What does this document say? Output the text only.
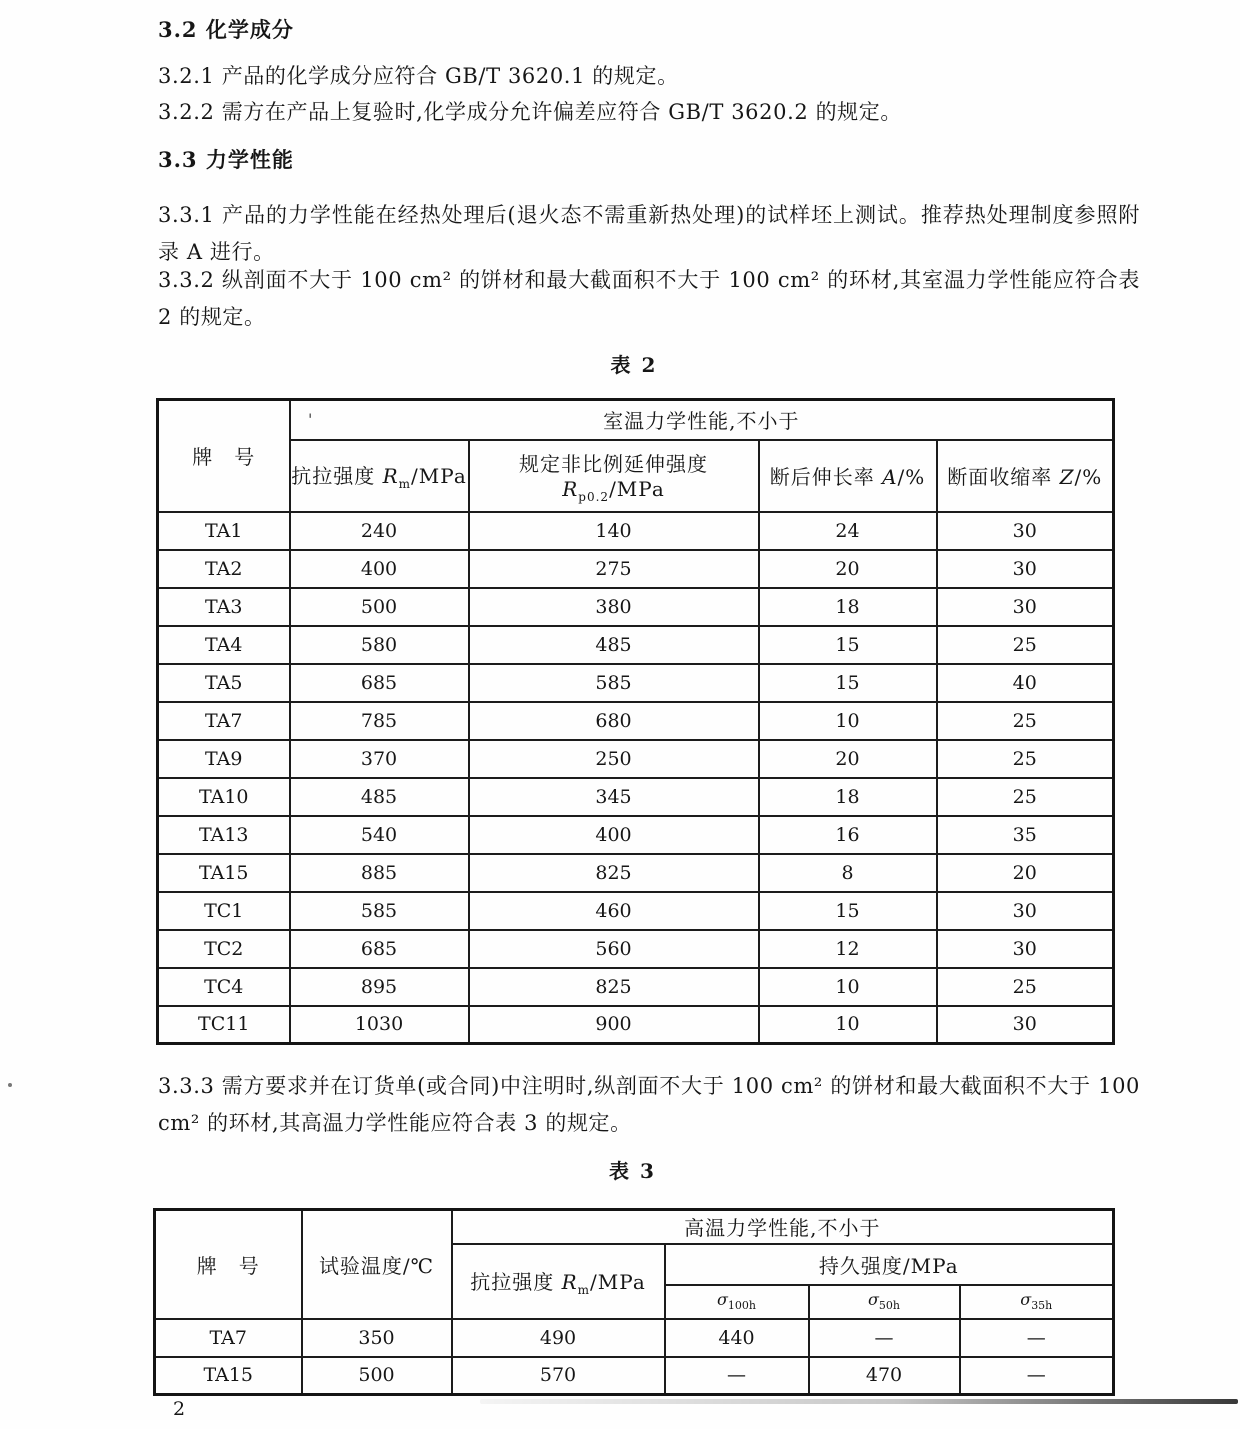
3.2 化学成分
3.2.1 产品的化学成分应符合 GB/T 3620.1 的规定。
3.2.2 需方在产品上复验时,化学成分允许偏差应符合 GB/T 3620.2 的规定。
3.3 力学性能
3.3.1 产品的力学性能在经热处理后(退火态不需重新热处理)的试样坯上测试。推荐热处理制度参照附录 A 进行。
3.3.2 纵剖面不大于 100 cm² 的饼材和最大截面积不大于 100 cm² 的环材,其室温力学性能应符合表 2 的规定。
表 2
牌　号	室温力学性能,不小于			
	抗拉强度 $R_m$/MPa	规定非比例延伸强度 $R_{p0.2}$/MPa	断后伸长率 A/%	断面收缩率 Z/%
TA1	240	140	24	30
TA2	400	275	20	30
TA3	500	380	18	30
TA4	580	485	15	25
TA5	685	585	15	40
TA7	785	680	10	25
TA9	370	250	20	25
TA10	485	345	18	25
TA13	540	400	16	35
TA15	885	825	8	20
TC1	585	460	15	30
TC2	685	560	12	30
TC4	895	825	10	25
TC11	1030	900	10	30
3.3.3 需方要求并在订货单(或合同)中注明时,纵剖面不大于 100 cm² 的饼材和最大截面积不大于 100 cm² 的环材,其高温力学性能应符合表 3 的规定。
表 3
牌　号	试验温度/℃	高温力学性能,不小于			
		抗拉强度 $R_m$/MPa	持久强度/MPa		
			$\sigma_{100h}$	$\sigma_{50h}$	$\sigma_{35h}$
TA7	350	490	440	—	—
TA15	500	570	—	470	—
2
'
